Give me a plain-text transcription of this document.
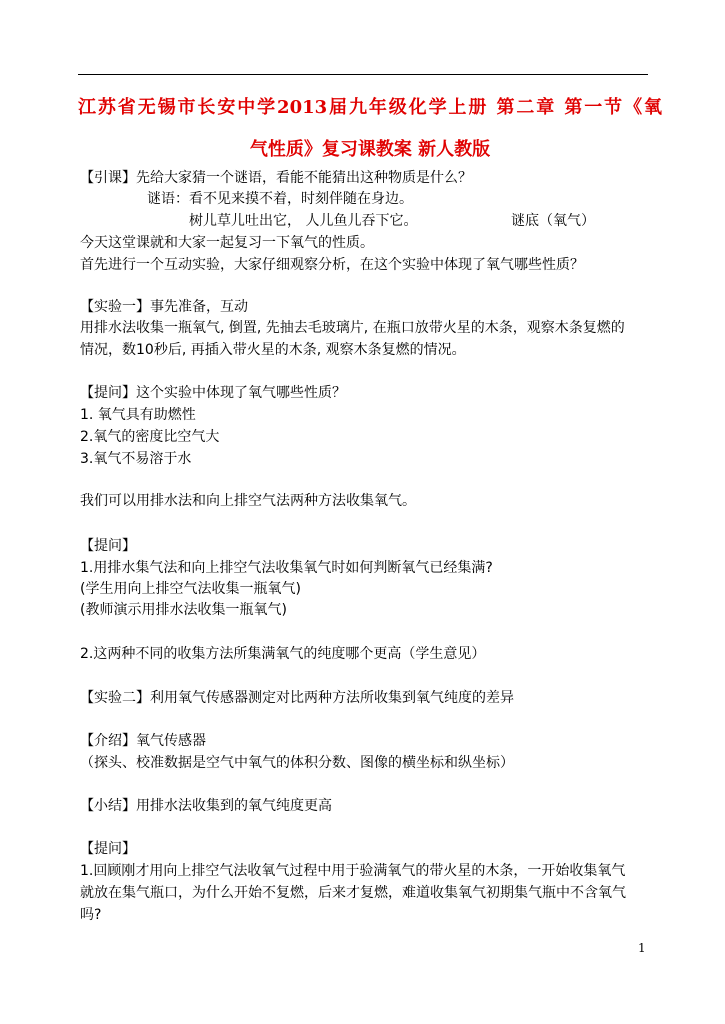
江苏省无锡市长安中学2013届九年级化学上册 第二章 第一节《氧
气性质》复习课教案 新人教版
【引课】先给大家猜一个谜语，看能不能猜出这种物质是什么？
谜语：看不见来摸不着，时刻伴随在身边。
树儿草儿吐出它， 人儿鱼儿吞下它。	谜底（氧气）
今天这堂课就和大家一起复习一下氧气的性质。
首先进行一个互动实验，大家仔细观察分析，在这个实验中体现了氧气哪些性质？
【实验一】事先准备，互动
用排水法收集一瓶氧气, 倒置, 先抽去毛玻璃片, 在瓶口放带火星的木条，观察木条复燃的
情况，数10秒后, 再插入带火星的木条, 观察木条复燃的情况。
【提问】这个实验中体现了氧气哪些性质？
1. 氧气具有助燃性
2.氧气的密度比空气大
3.氧气不易溶于水
我们可以用排水法和向上排空气法两种方法收集氧气。
【提问】
1.用排水集气法和向上排空气法收集氧气时如何判断氧气已经集满?
(学生用向上排空气法收集一瓶氧气)
(教师演示用排水法收集一瓶氧气)
2.这两种不同的收集方法所集满氧气的纯度哪个更高（学生意见）
【实验二】利用氧气传感器测定对比两种方法所收集到氧气纯度的差异
【介绍】氧气传感器
（探头、校准数据是空气中氧气的体积分数、图像的横坐标和纵坐标）
【小结】用排水法收集到的氧气纯度更高
【提问】
1.回顾刚才用向上排空气法收氧气过程中用于验满氧气的带火星的木条，一开始收集氧气
就放在集气瓶口，为什么开始不复燃，后来才复燃，难道收集氧气初期集气瓶中不含氧气
吗?
1
